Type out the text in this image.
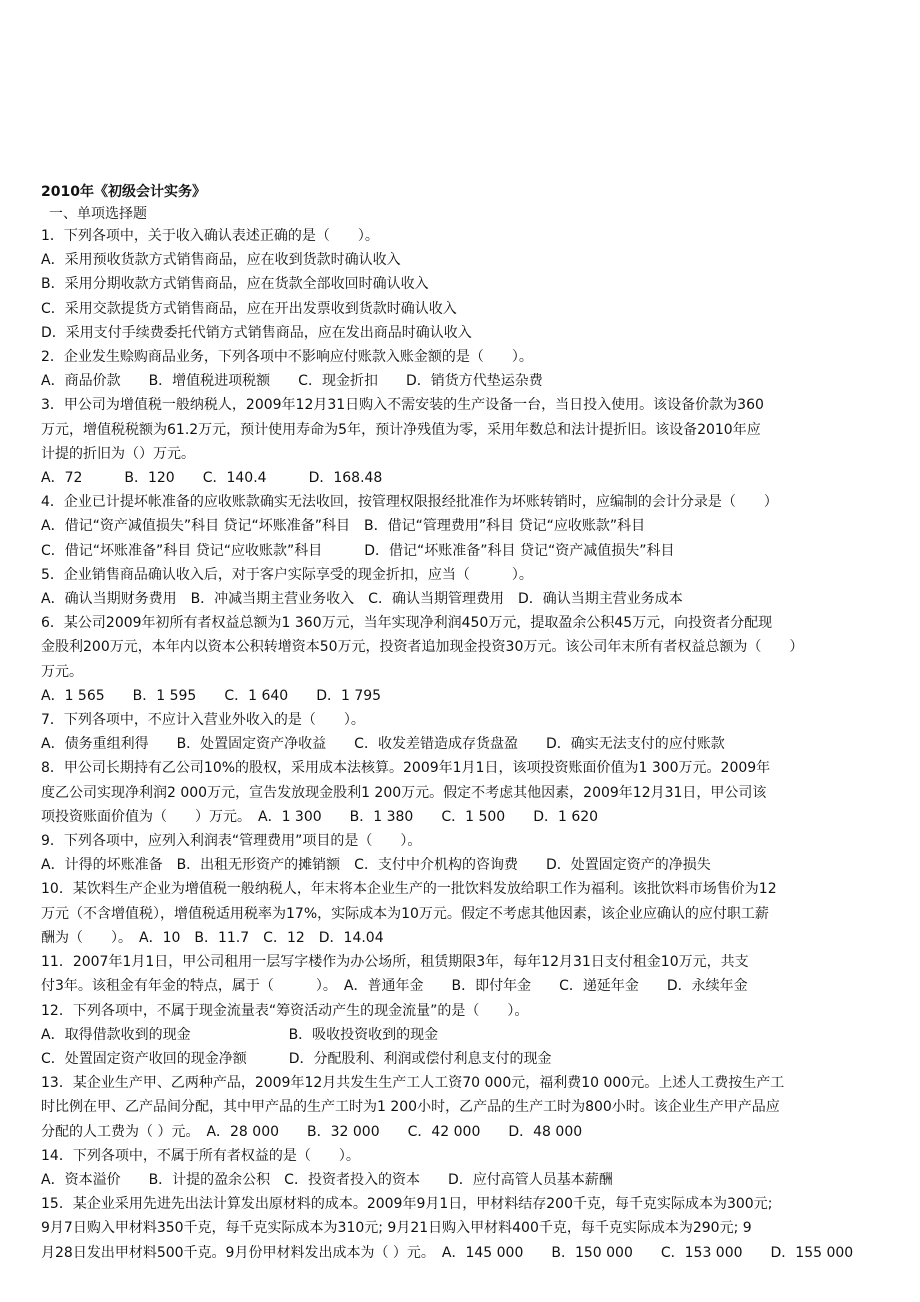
2010年《初级会计实务》
一、单项选择题
1．下列各项中，关于收入确认表述正确的是（　　）。
A．采用预收货款方式销售商品，应在收到货款时确认收入
B．采用分期收款方式销售商品，应在货款全部收回时确认收入
C．采用交款提货方式销售商品，应在开出发票收到货款时确认收入
D．采用支付手续费委托代销方式销售商品，应在发出商品时确认收入
2．企业发生赊购商品业务，下列各项中不影响应付账款入账金额的是（　　）。
A．商品价款　　B．增值税进项税额　　C．现金折扣　　D．销货方代垫运杂费
3．甲公司为增值税一般纳税人，2009年12月31日购入不需安装的生产设备一台，当日投入使用。该设备价款为360
万元，增值税税额为61.2万元，预计使用寿命为5年，预计净残值为零，采用年数总和法计提折旧。该设备2010年应
计提的折旧为（）万元。
A．72　　　B．120　　C．140.4　　　D．168.48
4．企业已计提坏帐准备的应收账款确实无法收回，按管理权限报经批准作为坏账转销时，应编制的会计分录是（　　）
A．借记“资产减值损失”科目 贷记“坏账准备”科目　B．借记“管理费用”科目 贷记“应收账款”科目
C．借记“坏账准备”科目 贷记“应收账款”科目　　　D．借记“坏账准备”科目 贷记“资产减值损失”科目
5．企业销售商品确认收入后，对于客户实际享受的现金折扣，应当（　　　）。
A．确认当期财务费用　B．冲减当期主营业务收入　C．确认当期管理费用　D．确认当期主营业务成本
6．某公司2009年初所有者权益总额为1 360万元，当年实现净利润450万元，提取盈余公积45万元，向投资者分配现
金股利200万元，本年内以资本公积转增资本50万元，投资者追加现金投资30万元。该公司年末所有者权益总额为（　　）
万元。
A．1 565　　B．1 595　　C．1 640　　D．1 795
7．下列各项中，不应计入营业外收入的是（　　）。
A．债务重组利得　　B．处置固定资产净收益　　C．收发差错造成存货盘盈　　D．确实无法支付的应付账款
8．甲公司长期持有乙公司10%的股权，采用成本法核算。2009年1月1日，该项投资账面价值为1 300万元。2009年
度乙公司实现净利润2 000万元，宣告发放现金股利1 200万元。假定不考虑其他因素，2009年12月31日，甲公司该
项投资账面价值为（　　）万元。　A．1 300　　B．1 380　　C．1 500　　D．1 620
9．下列各项中，应列入利润表“管理费用”项目的是（　　）。
A．计得的坏账准备　B．出租无形资产的摊销额　C．支付中介机构的咨询费　　D．处置固定资产的净损失
10．某饮料生产企业为增值税一般纳税人，年末将本企业生产的一批饮料发放给职工作为福利。该批饮料市场售价为12
万元（不含增值税），增值税适用税率为17%，实际成本为10万元。假定不考虑其他因素，该企业应确认的应付职工薪
酬为（　　）。　A．10　B．11.7　C．12　D．14.04
11．2007年1月1日，甲公司租用一层写字楼作为办公场所，租赁期限3年，每年12月31日支付租金10万元，共支
付3年。该租金有年金的特点，属于（　　　）。　A．普通年金　　B．即付年金　　C．递延年金　　D．永续年金
12．下列各项中，不属于现金流量表“筹资活动产生的现金流量”的是（　　）。
A．取得借款收到的现金　　　　　　　B．吸收投资收到的现金
C．处置固定资产收回的现金净额　　　D．分配股利、利润或偿付利息支付的现金
13．某企业生产甲、乙两种产品，2009年12月共发生生产工人工资70 000元，福利费10 000元。上述人工费按生产工
时比例在甲、乙产品间分配，其中甲产品的生产工时为1 200小时，乙产品的生产工时为800小时。该企业生产甲产品应
分配的人工费为（ ）元。　A．28 000　　B．32 000　　C．42 000　　D．48 000
14．下列各项中，不属于所有者权益的是（　　）。
A．资本溢价　　B．计提的盈余公积　C．投资者投入的资本　　D．应付高管人员基本薪酬
15．某企业采用先进先出法计算发出原材料的成本。2009年9月1日，甲材料结存200千克，每千克实际成本为300元;
9月7日购入甲材料350千克，每千克实际成本为310元; 9月21日购入甲材料400千克，每千克实际成本为290元; 9
月28日发出甲材料500千克。9月份甲材料发出成本为（ ）元。　A．145 000　　B．150 000　　C．153 000　　D．155 000
